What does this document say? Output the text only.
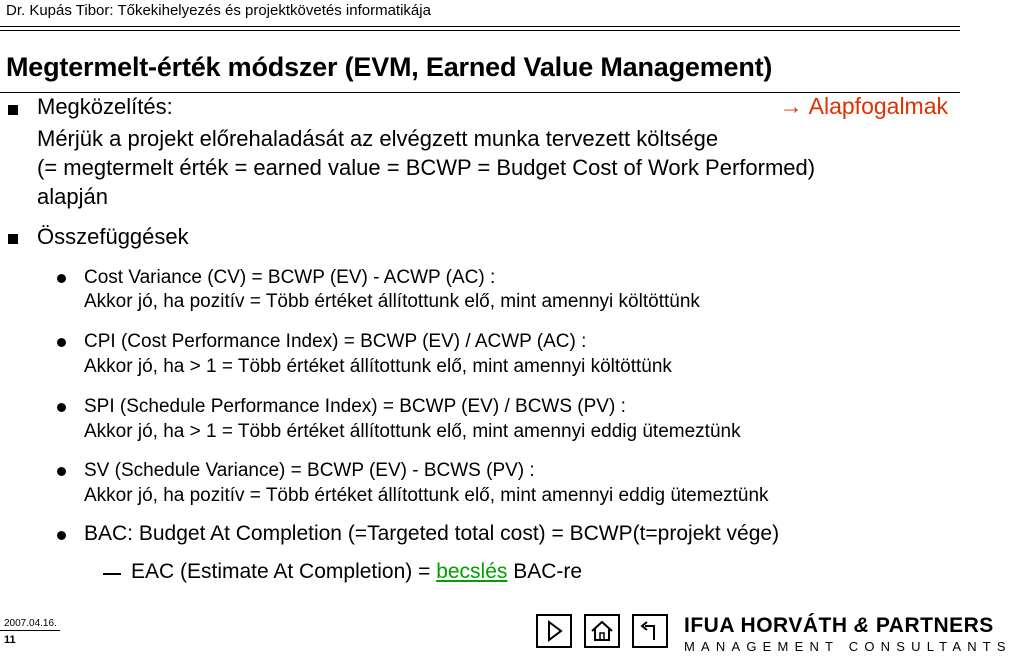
Dr. Kupás Tibor: Tőkekihelyezés és projektkövetés informatikája
Megtermelt-érték módszer (EVM, Earned Value Management)
Megközelítés:	→ Alapfogalmak
Mérjük a projekt előrehaladását az elvégzett munka tervezett költsége
(= megtermelt érték = earned value = BCWP = Budget Cost of Work Performed)
alapján
Összefüggések
Cost Variance (CV) = BCWP (EV) - ACWP (AC) :
Akkor jó, ha pozitív = Több értéket állítottunk elő, mint amennyi költöttünk
CPI (Cost Performance Index) = BCWP (EV) / ACWP (AC) :
Akkor jó, ha > 1 = Több értéket állítottunk elő, mint amennyi költöttünk
SPI (Schedule Performance Index) = BCWP (EV) / BCWS (PV) :
Akkor jó, ha > 1 = Több értéket állítottunk elő, mint amennyi eddig ütemeztünk
SV (Schedule Variance) = BCWP (EV) - BCWS (PV) :
Akkor jó, ha pozitív = Több értéket állítottunk elő, mint amennyi eddig ütemeztünk
BAC: Budget At Completion (=Targeted total cost) = BCWP(t=projekt vége)
EAC (Estimate At Completion) = becslés BAC-re
2007.04.16.
11
IFUA HORVÁTH & PARTNERS
MANAGEMENT CONSULTANTS
